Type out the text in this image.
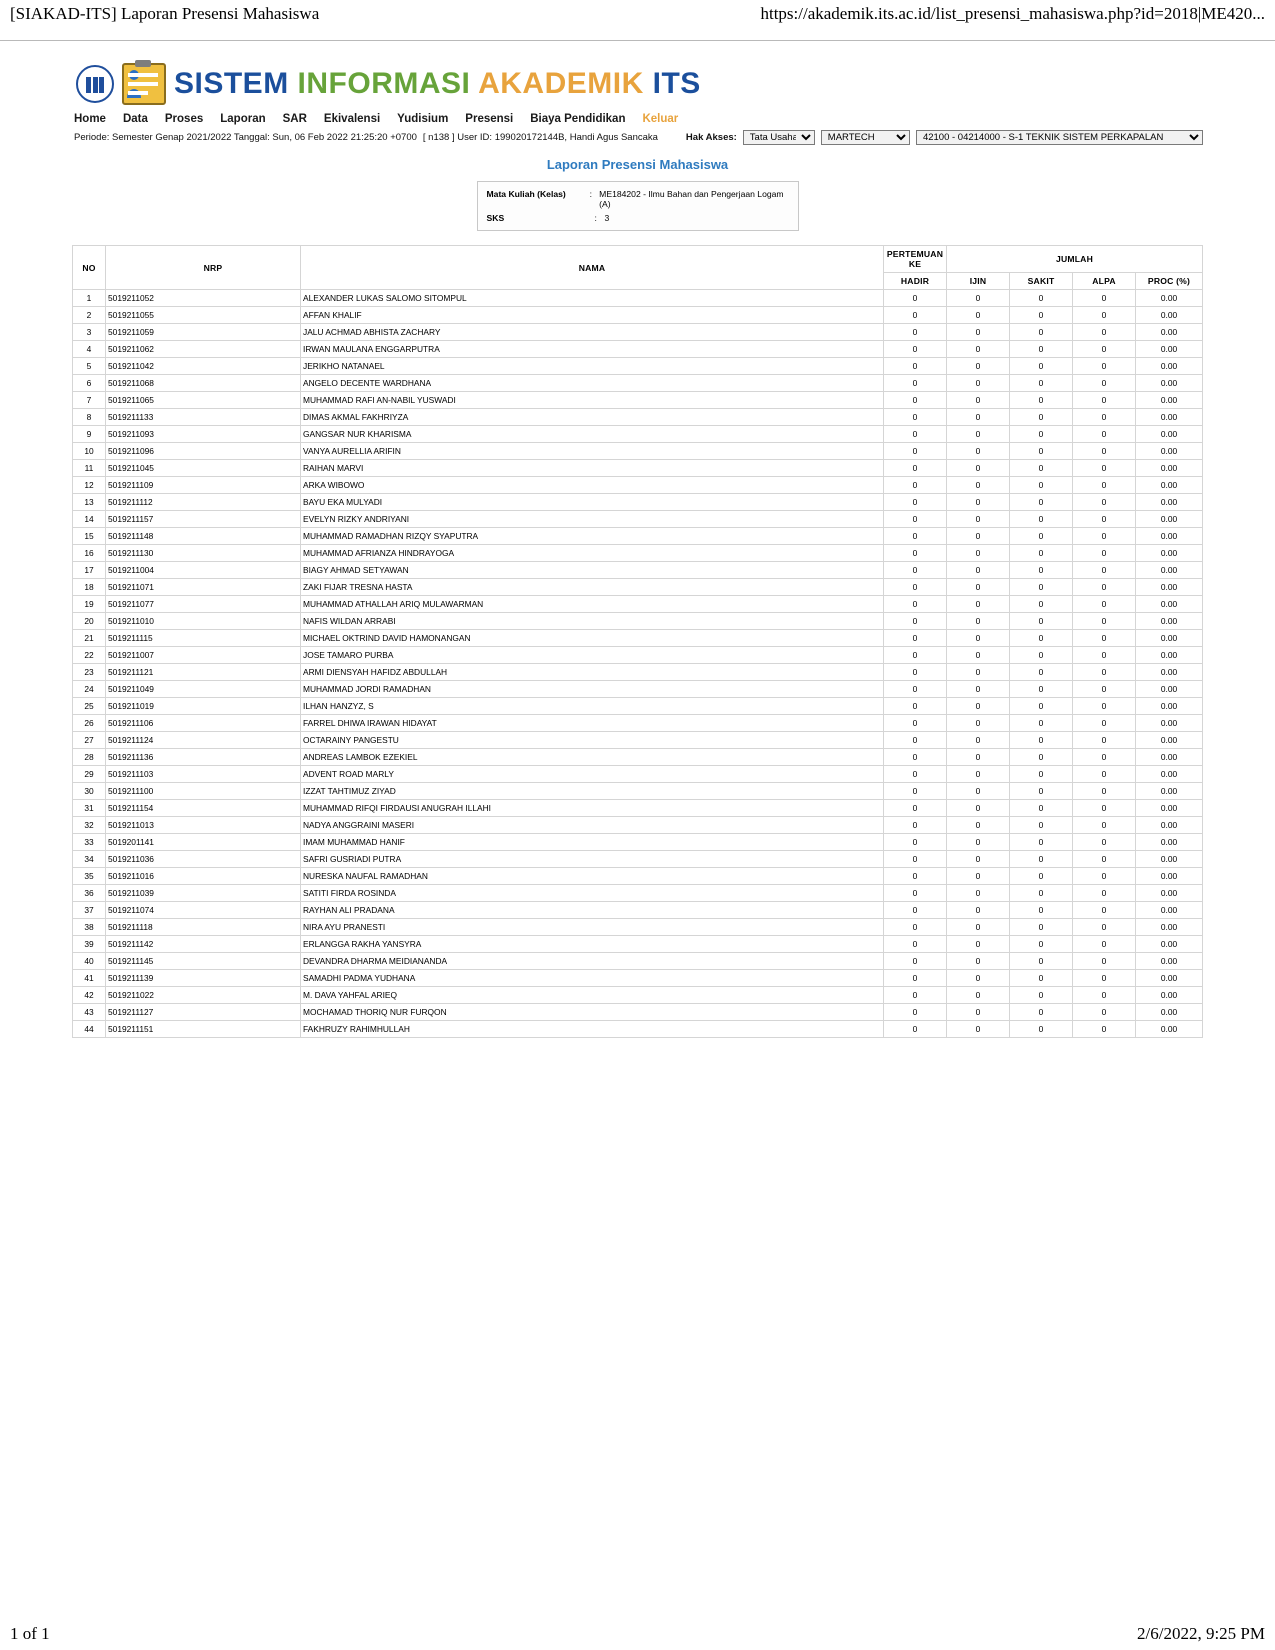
[SIAKAD-ITS] Laporan Presensi Mahasiswa	https://akademik.its.ac.id/list_presensi_mahasiswa.php?id=2018|ME420...
SISTEM INFORMASI AKADEMIK ITS
Home Data Proses Laporan SAR Ekivalensi Yudisium Presensi Biaya Pendidikan Keluar
Periode: Semester Genap 2021/2022 Tanggal: Sun, 06 Feb 2022 21:25:20 +0700 [ n138 ] User ID: 199020172144B, Handi Agus Sancaka	Hak Akses:
Tata Usaha
MARTECH
42100 - 04214000 - S-1 TEKNIK SISTEM PERKAPALAN
Laporan Presensi Mahasiswa
Mata Kuliah (Kelas)	: ME184202 - Ilmu Bahan dan Pengerjaan Logam (A)
SKS	: 3
NO	NRP	NAMA	PERTEMUAN KE	JUMLAH			
			HADIR	IJIN	SAKIT	ALPA	PROC (%)
1	5019211052	ALEXANDER LUKAS SALOMO SITOMPUL	0	0	0	0	0.00
2	5019211055	AFFAN KHALIF	0	0	0	0	0.00
3	5019211059	JALU ACHMAD ABHISTA ZACHARY	0	0	0	0	0.00
4	5019211062	IRWAN MAULANA ENGGARPUTRA	0	0	0	0	0.00
5	5019211042	JERIKHO NATANAEL	0	0	0	0	0.00
6	5019211068	ANGELO DECENTE WARDHANA	0	0	0	0	0.00
7	5019211065	MUHAMMAD RAFI AN-NABIL YUSWADI	0	0	0	0	0.00
8	5019211133	DIMAS AKMAL FAKHRIYZA	0	0	0	0	0.00
9	5019211093	GANGSAR NUR KHARISMA	0	0	0	0	0.00
10	5019211096	VANYA AURELLIA ARIFIN	0	0	0	0	0.00
11	5019211045	RAIHAN MARVI	0	0	0	0	0.00
12	5019211109	ARKA WIBOWO	0	0	0	0	0.00
13	5019211112	BAYU EKA MULYADI	0	0	0	0	0.00
14	5019211157	EVELYN RIZKY ANDRIYANI	0	0	0	0	0.00
15	5019211148	MUHAMMAD RAMADHAN RIZQY SYAPUTRA	0	0	0	0	0.00
16	5019211130	MUHAMMAD AFRIANZA HINDRAYOGA	0	0	0	0	0.00
17	5019211004	BIAGY AHMAD SETYAWAN	0	0	0	0	0.00
18	5019211071	ZAKI FIJAR TRESNA HASTA	0	0	0	0	0.00
19	5019211077	MUHAMMAD ATHALLAH ARIQ MULAWARMAN	0	0	0	0	0.00
20	5019211010	NAFIS WILDAN ARRABI	0	0	0	0	0.00
21	5019211115	MICHAEL OKTRIND DAVID HAMONANGAN	0	0	0	0	0.00
22	5019211007	JOSE TAMARO PURBA	0	0	0	0	0.00
23	5019211121	ARMI DIENSYAH HAFIDZ ABDULLAH	0	0	0	0	0.00
24	5019211049	MUHAMMAD JORDI RAMADHAN	0	0	0	0	0.00
25	5019211019	ILHAN HANZYZ, S	0	0	0	0	0.00
26	5019211106	FARREL DHIWA IRAWAN HIDAYAT	0	0	0	0	0.00
27	5019211124	OCTARAINY PANGESTU	0	0	0	0	0.00
28	5019211136	ANDREAS LAMBOK EZEKIEL	0	0	0	0	0.00
29	5019211103	ADVENT ROAD MARLY	0	0	0	0	0.00
30	5019211100	IZZAT TAHTIMUZ ZIYAD	0	0	0	0	0.00
31	5019211154	MUHAMMAD RIFQI FIRDAUSI ANUGRAH ILLAHI	0	0	0	0	0.00
32	5019211013	NADYA ANGGRAINI MASERI	0	0	0	0	0.00
33	5019201141	IMAM MUHAMMAD HANIF	0	0	0	0	0.00
34	5019211036	SAFRI GUSRIADI PUTRA	0	0	0	0	0.00
35	5019211016	NURESKA NAUFAL RAMADHAN	0	0	0	0	0.00
36	5019211039	SATITI FIRDA ROSINDA	0	0	0	0	0.00
37	5019211074	RAYHAN ALI PRADANA	0	0	0	0	0.00
38	5019211118	NIRA AYU PRANESTI	0	0	0	0	0.00
39	5019211142	ERLANGGA RAKHA YANSYRA	0	0	0	0	0.00
40	5019211145	DEVANDRA DHARMA MEIDIANANDA	0	0	0	0	0.00
41	5019211139	SAMADHI PADMA YUDHANA	0	0	0	0	0.00
42	5019211022	M. DAVA YAHFAL ARIEQ	0	0	0	0	0.00
43	5019211127	MOCHAMAD THORIQ NUR FURQON	0	0	0	0	0.00
44	5019211151	FAKHRUZY RAHIMHULLAH	0	0	0	0	0.00
1 of 1	2/6/2022, 9:25 PM
